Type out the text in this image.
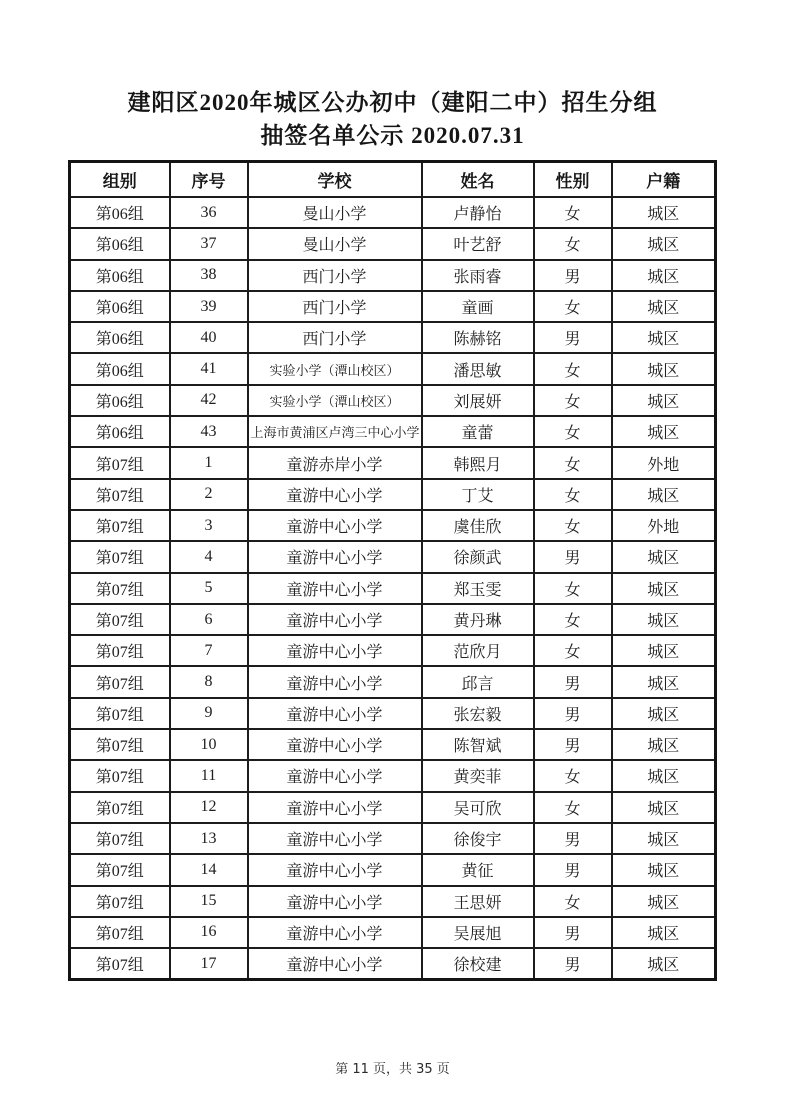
建阳区2020年城区公办初中（建阳二中）招生分组
抽签名单公示 2020.07.31
组别	序号	学校	姓名	性别	户籍
第06组	36	曼山小学	卢静怡	女	城区
第06组	37	曼山小学	叶艺舒	女	城区
第06组	38	西门小学	张雨睿	男	城区
第06组	39	西门小学	童画	女	城区
第06组	40	西门小学	陈赫铭	男	城区
第06组	41	实验小学（潭山校区）	潘思敏	女	城区
第06组	42	实验小学（潭山校区）	刘展妍	女	城区
第06组	43	上海市黄浦区卢湾三中心小学	童蕾	女	城区
第07组	1	童游赤岸小学	韩熙月	女	外地
第07组	2	童游中心小学	丁艾	女	城区
第07组	3	童游中心小学	虞佳欣	女	外地
第07组	4	童游中心小学	徐颜武	男	城区
第07组	5	童游中心小学	郑玉雯	女	城区
第07组	6	童游中心小学	黄丹琳	女	城区
第07组	7	童游中心小学	范欣月	女	城区
第07组	8	童游中心小学	邱言	男	城区
第07组	9	童游中心小学	张宏毅	男	城区
第07组	10	童游中心小学	陈智斌	男	城区
第07组	11	童游中心小学	黄奕菲	女	城区
第07组	12	童游中心小学	吴可欣	女	城区
第07组	13	童游中心小学	徐俊宇	男	城区
第07组	14	童游中心小学	黄征	男	城区
第07组	15	童游中心小学	王思妍	女	城区
第07组	16	童游中心小学	吴展旭	男	城区
第07组	17	童游中心小学	徐校建	男	城区
第 11 页，共 35 页
